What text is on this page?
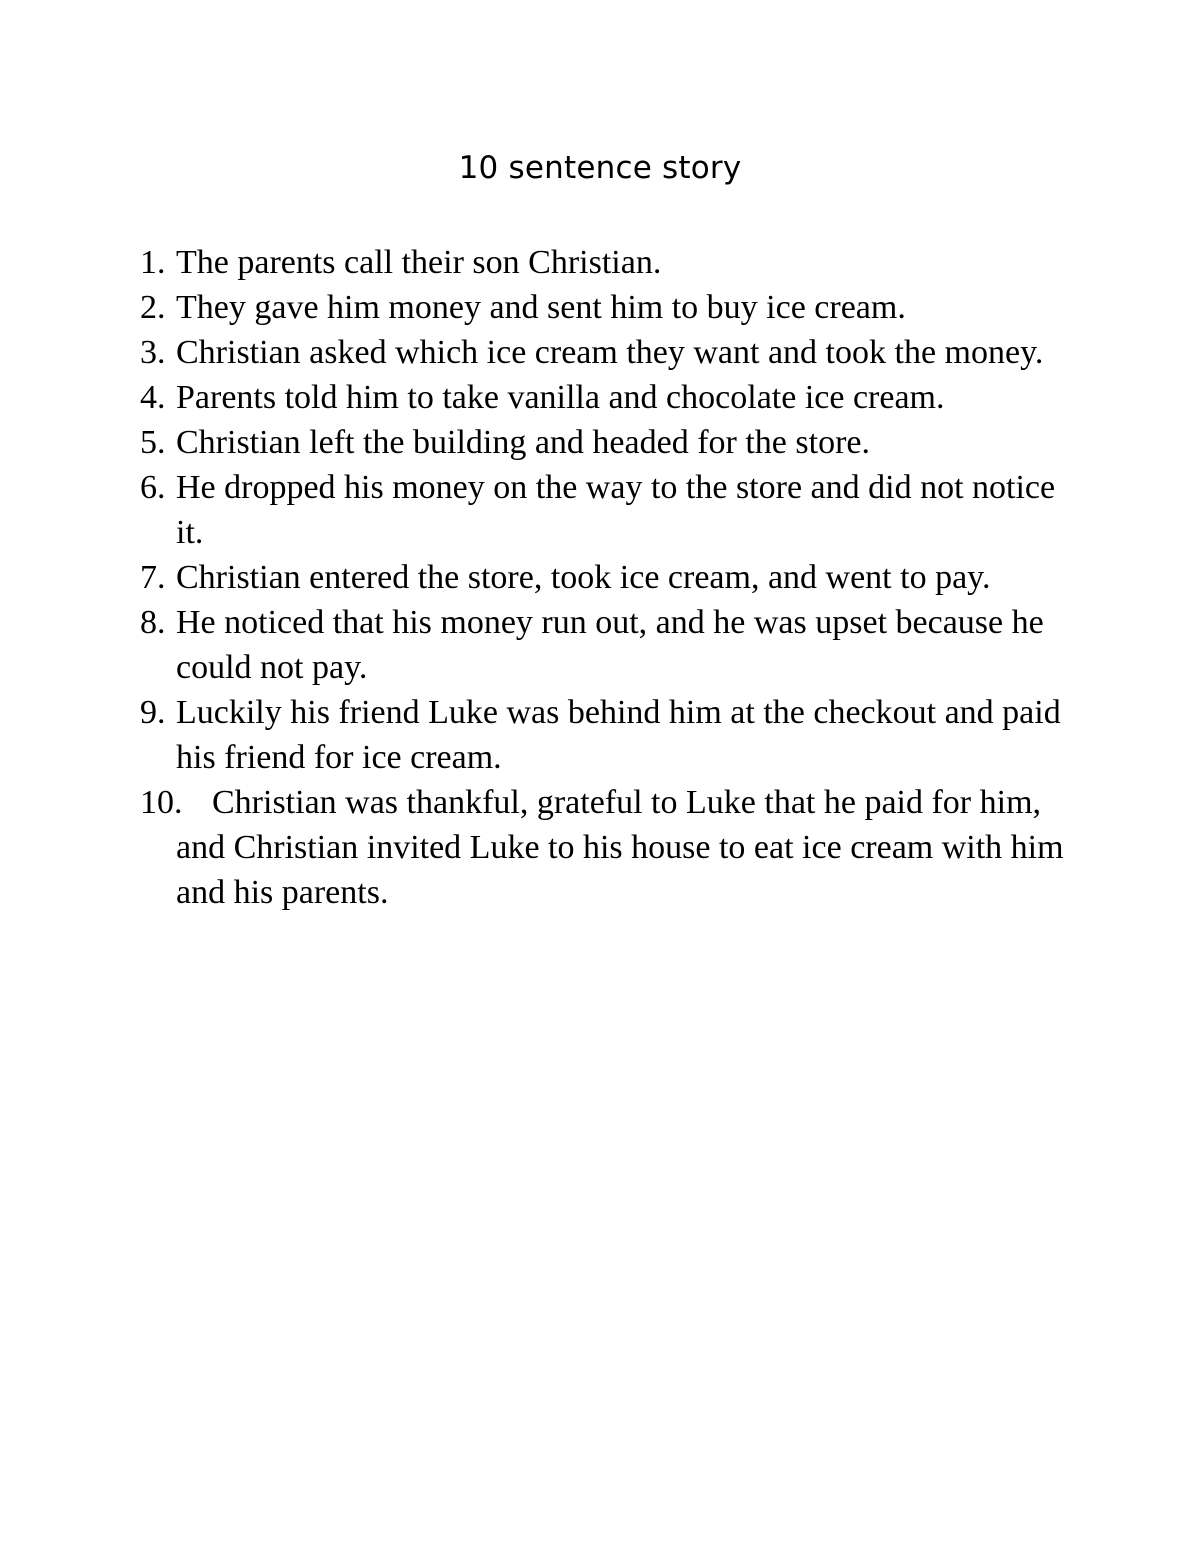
10 sentence story
1. The parents call their son Christian.
2. They gave him money and sent him to buy ice cream.
3. Christian asked which ice cream they want and took the money.
4. Parents told him to take vanilla and chocolate ice cream.
5. Christian left the building and headed for the store.
6. He dropped his money on the way to the store and did not notice it.
7. Christian entered the store, took ice cream, and went to pay.
8. He noticed that his money run out, and he was upset because he could not pay.
9. Luckily his friend Luke was behind him at the checkout and paid his friend for ice cream.
10. Christian was thankful, grateful to Luke that he paid for him, and Christian invited Luke to his house to eat ice cream with him and his parents.
